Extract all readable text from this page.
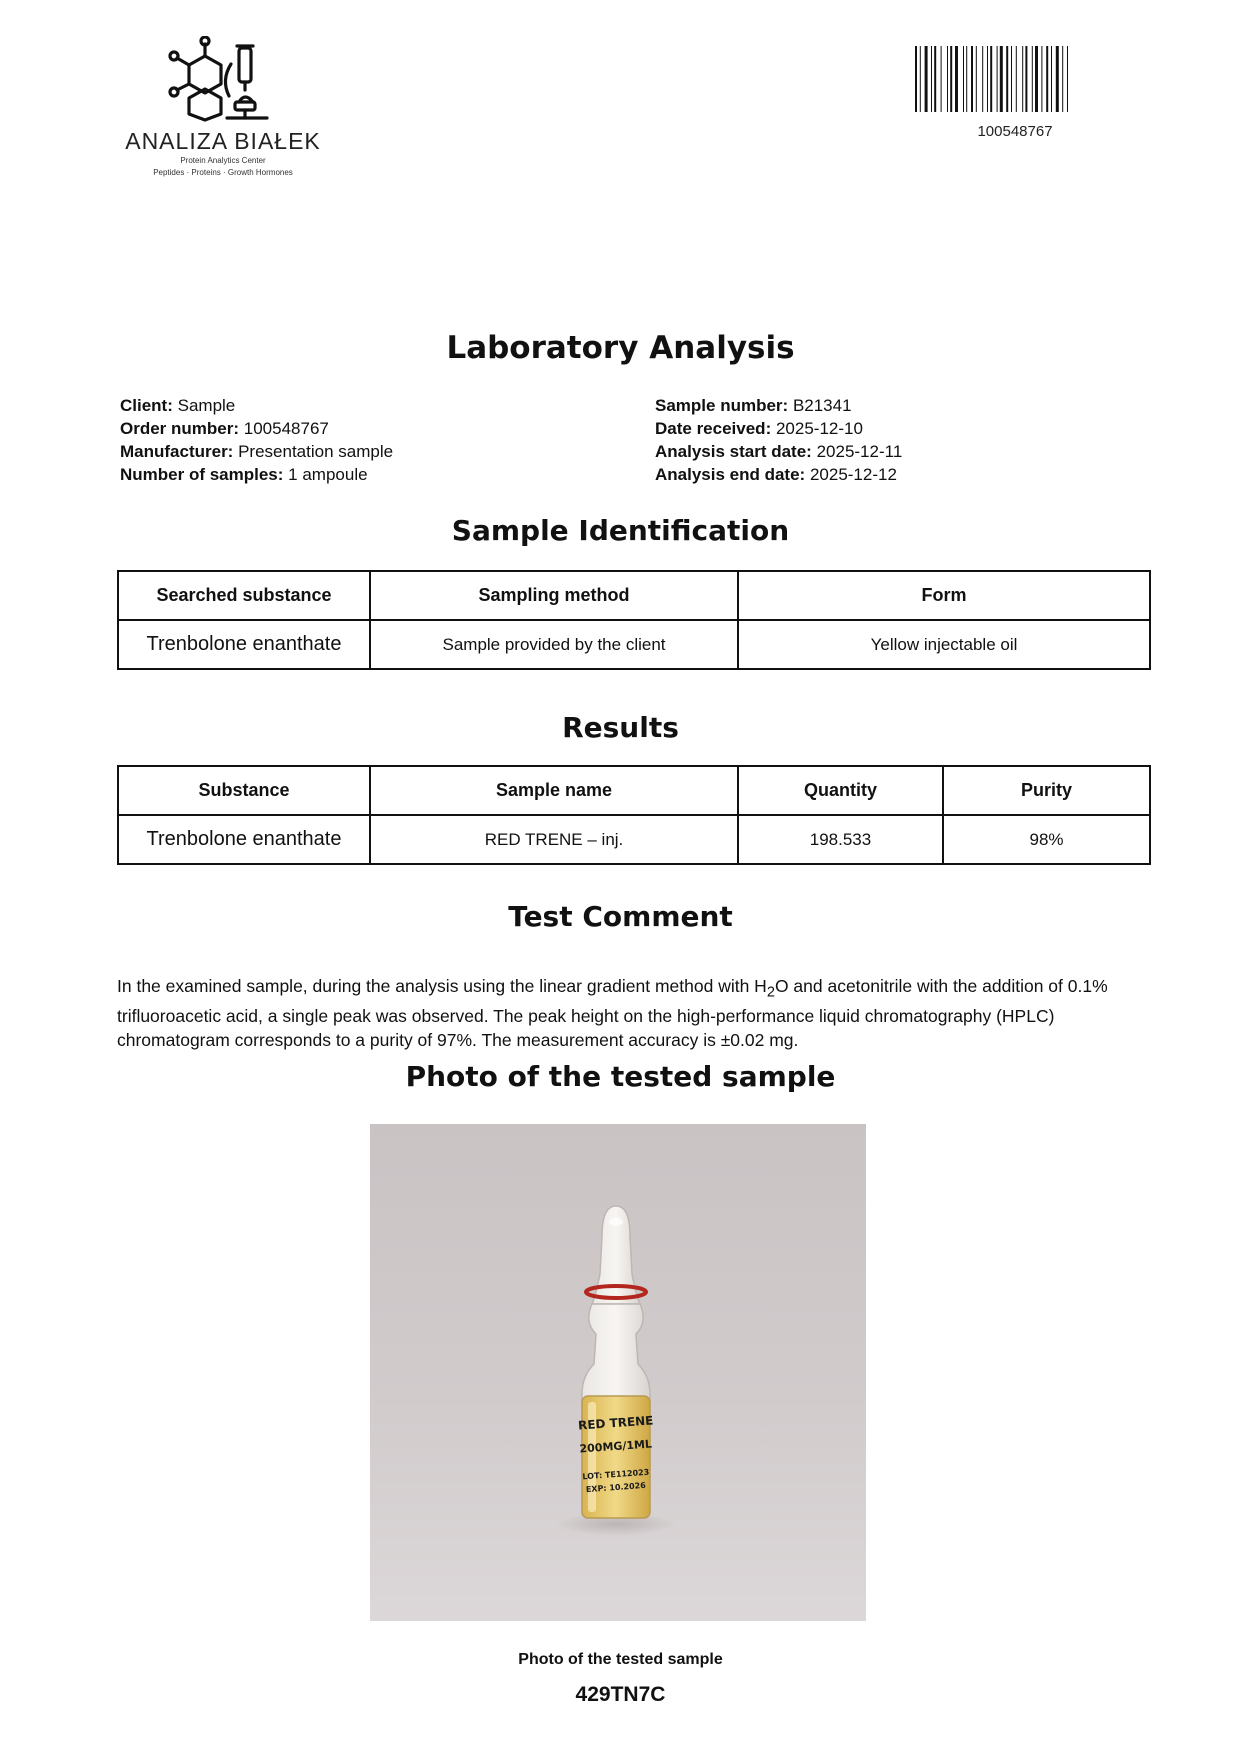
ANALIZA BIAŁEK
Protein Analytics Center
Peptides · Proteins · Growth Hormones
100548767
Laboratory Analysis
Client: Sample
Order number: 100548767
Manufacturer: Presentation sample
Number of samples: 1 ampoule
Sample number: B21341
Date received: 2025-12-10
Analysis start date: 2025-12-11
Analysis end date: 2025-12-12
Sample Identification
Searched substance	Sampling method	Form
Trenbolone enanthate	Sample provided by the client	Yellow injectable oil
Results
Substance	Sample name	Quantity	Purity
Trenbolone enanthate	RED TRENE – inj.	198.533	98%
Test Comment

In the examined sample, during the analysis using the linear gradient method with $H_2O$ and acetonitrile with the addition of 0.1% trifluoroacetic acid, a single peak was observed. The peak height on the high-performance liquid chromatography (HPLC) chromatogram corresponds to a purity of 97%. The measurement accuracy is ±0.02 mg.

Photo of the tested sample
RED TRENE
200MG/1ML
LOT: TE112023
EXP: 10.2026
Photo of the tested sample
429TN7C
